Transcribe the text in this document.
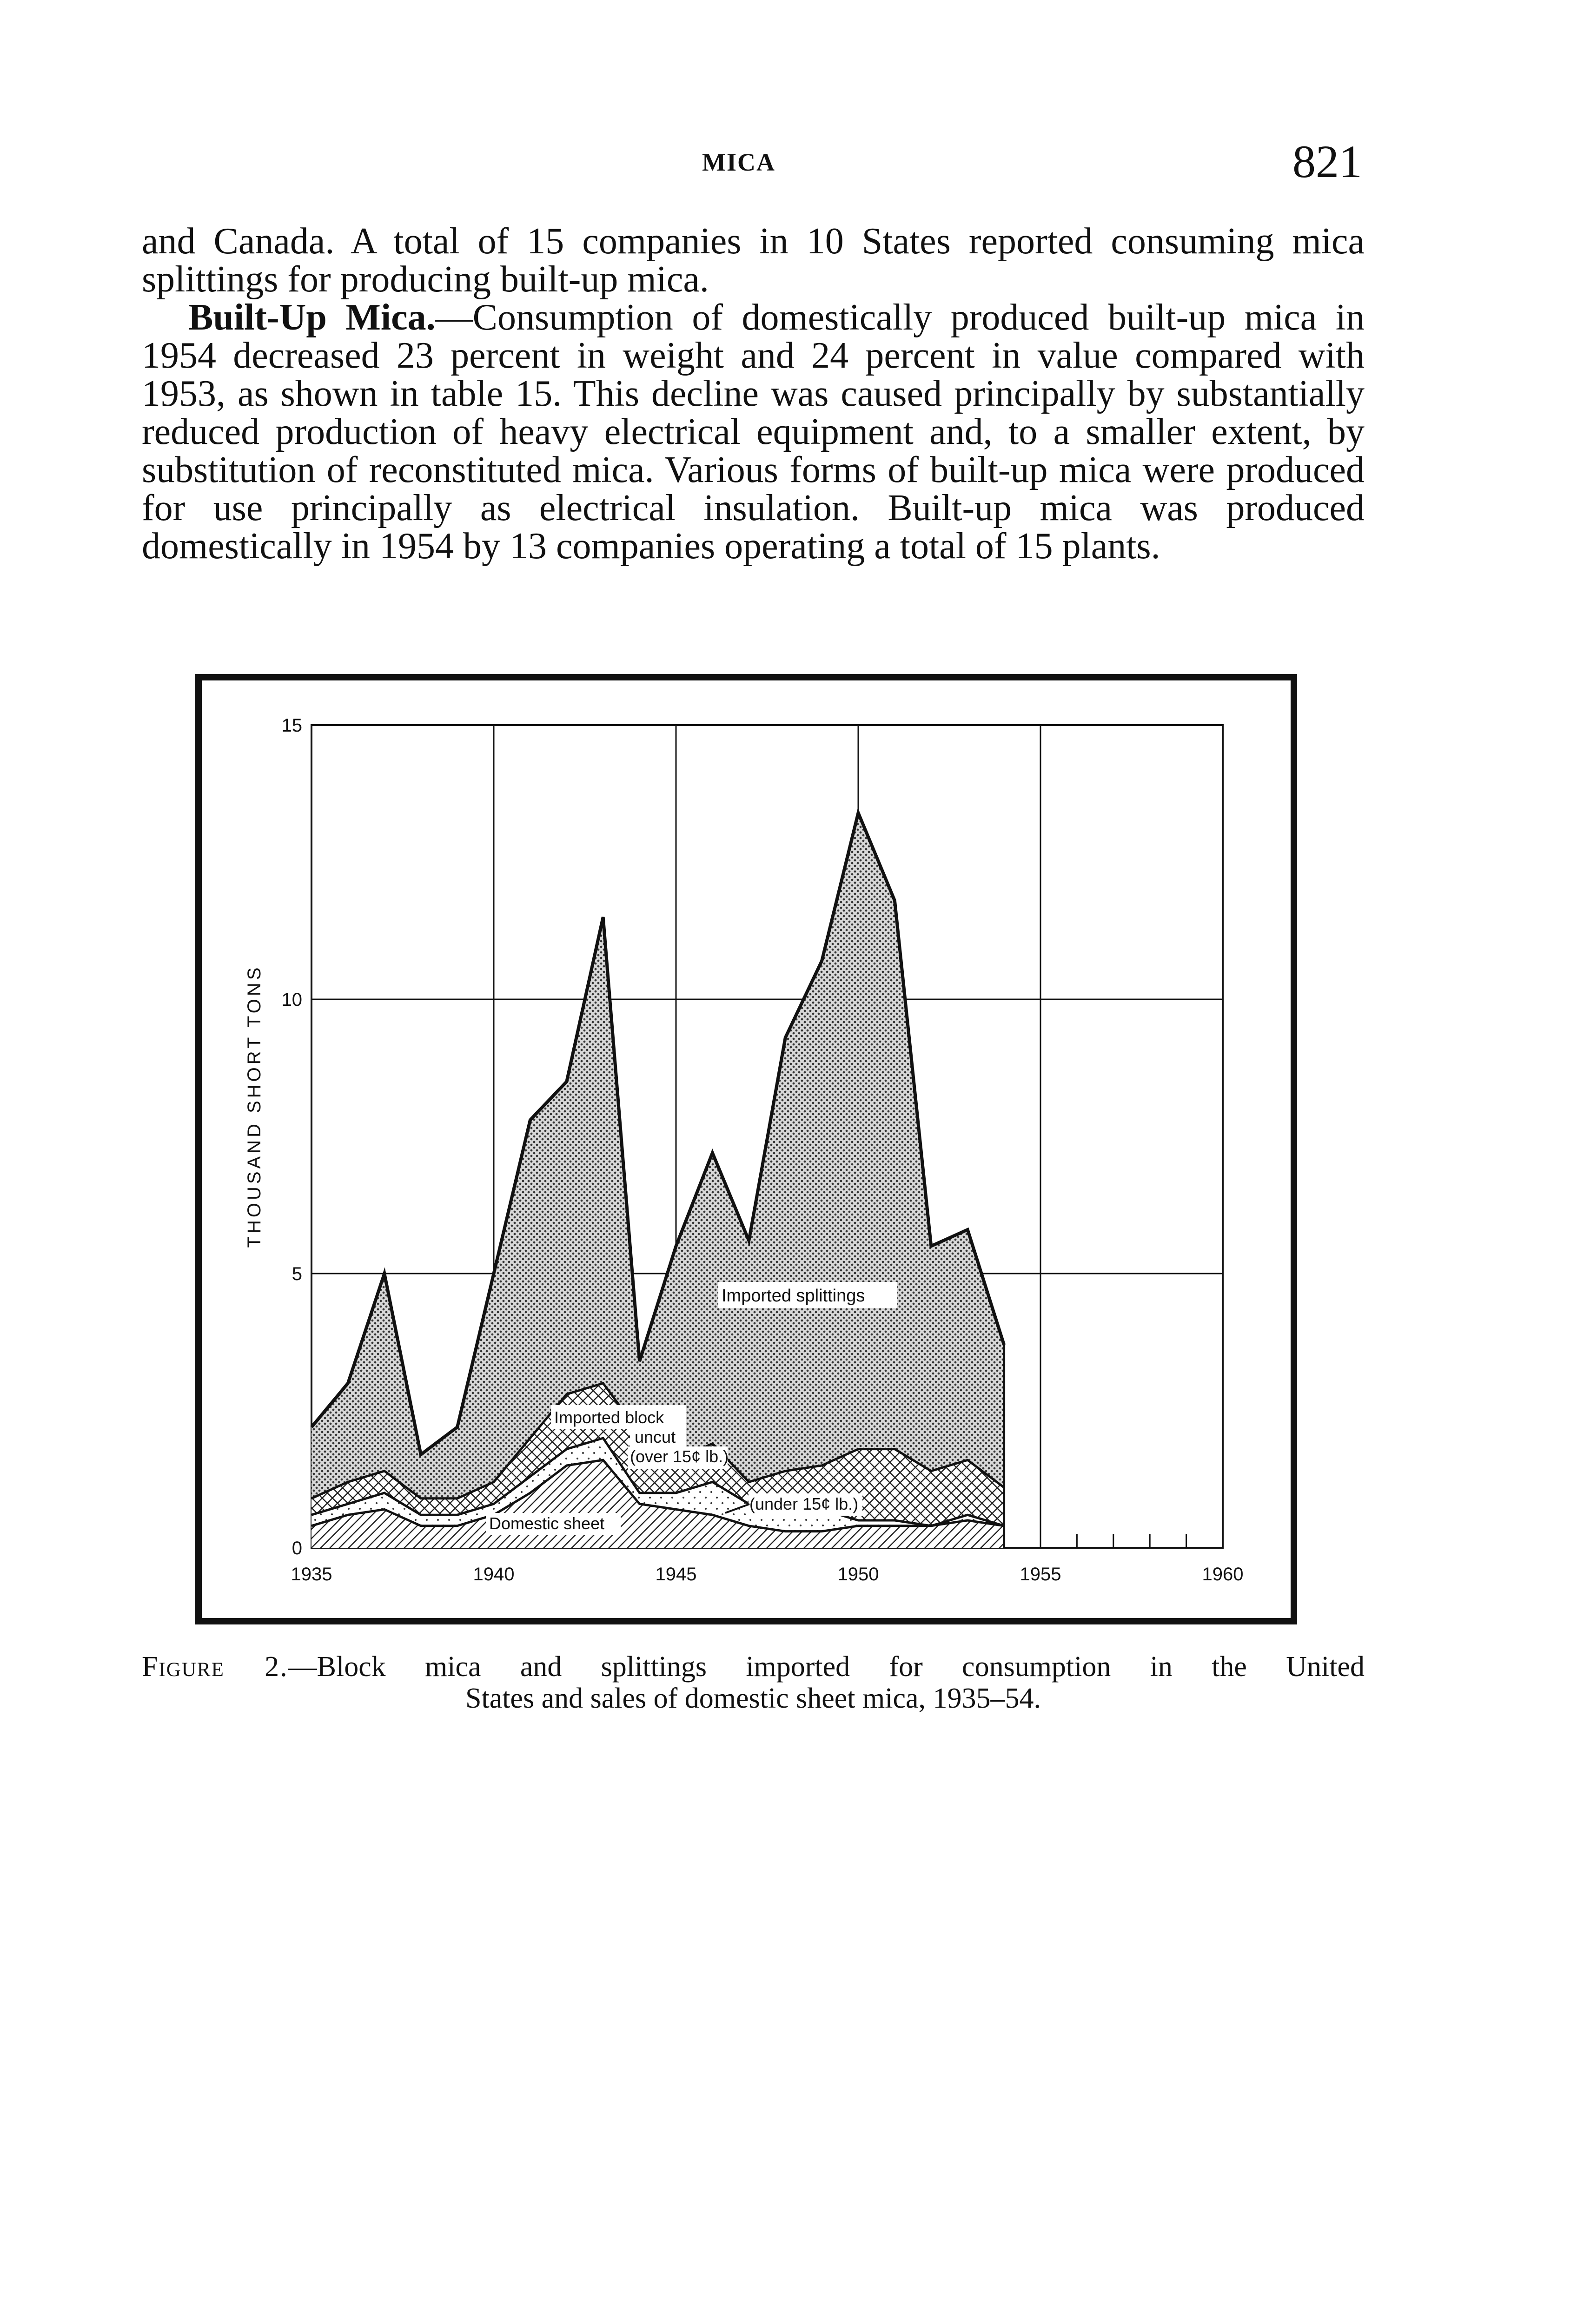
MICA	821

and Canada. A total of 15 companies in 10 States reported consuming mica splittings for producing built-up mica.

Built-Up Mica.—Consumption of domestically produced built-up mica in 1954 decreased 23 percent in weight and 24 percent in value compared with 1953, as shown in table 15. This decline was caused principally by substantially reduced production of heavy electrical equipment and, to a smaller extent, by substitution of reconstituted mica. Various forms of built-up mica were produced for use principally as electrical insulation. Built-up mica was produced domestically in 1954 by 13 companies operating a total of 15 plants.

1935	1940	1945	1950	1955	1960
0
5
10
15
THOUSAND SHORT TONS
Imported splittings
Imported block
uncut
(over 15¢ lb.)
(under 15¢ lb.)
Domestic sheet
Figure 2.—Block mica and splittings imported for consumption in the United
States and sales of domestic sheet mica, 1935–54.
